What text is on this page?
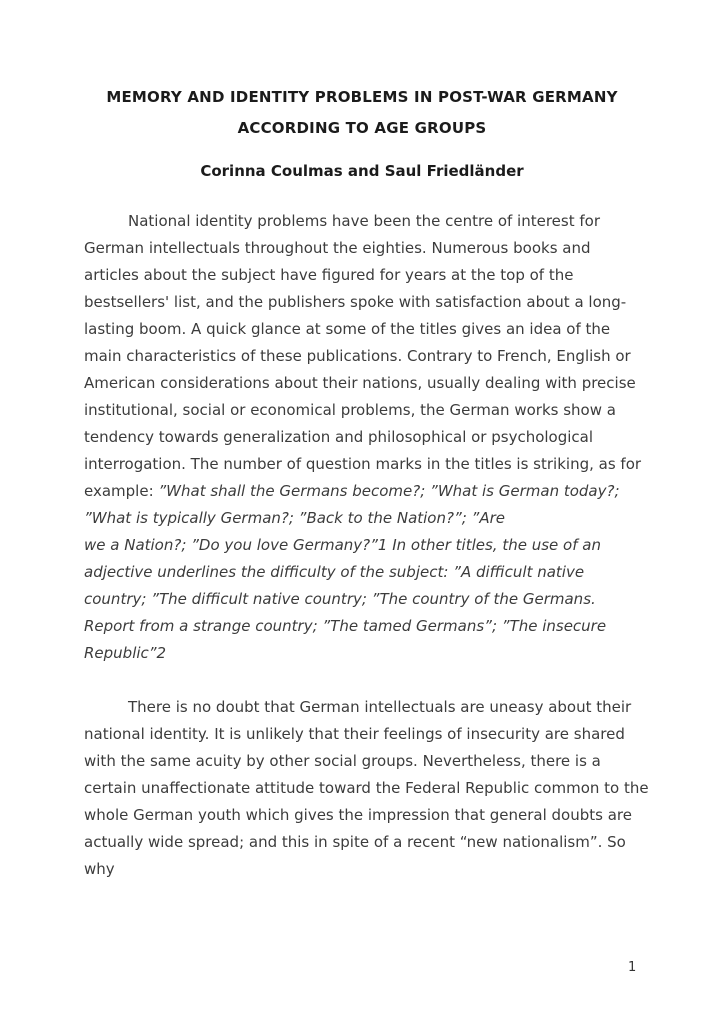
MEMORY AND IDENTITY PROBLEMS IN POST-WAR GERMANY
ACCORDING TO AGE GROUPS
Corinna Coulmas and Saul Friedländer
National identity problems have been the centre of interest for
German intellectuals throughout the eighties. Numerous books and
articles about the subject have figured for years at the top of the
bestsellers' list, and the publishers spoke with satisfaction about a long-
lasting boom. A quick glance at some of the titles gives an idea of the
main characteristics of these publications. Contrary to French, English or
American considerations about their nations, usually dealing with precise
institutional, social or economical problems, the German works show a
tendency towards generalization and philosophical or psychological
interrogation. The number of question marks in the titles is striking, as for
example: ”What shall the Germans become?; ”What is German today?;
”What is typically German?; ”Back to the Nation?”; ”Are
we a Nation?; ”Do you love Germany?”1 In other titles, the use of an
adjective underlines the difficulty of the subject: ”A difficult native
country; ”The difficult native country; ”The country of the Germans.
Report from a strange country; ”The tamed Germans”; ”The insecure
Republic”2
There is no doubt that German intellectuals are uneasy about their
national identity. It is unlikely that their feelings of insecurity are shared
with the same acuity by other social groups. Nevertheless, there is a
certain unaffectionate attitude toward the Federal Republic common to the
whole German youth which gives the impression that general doubts are
actually wide spread; and this in spite of a recent “new nationalism”. So
why
1
